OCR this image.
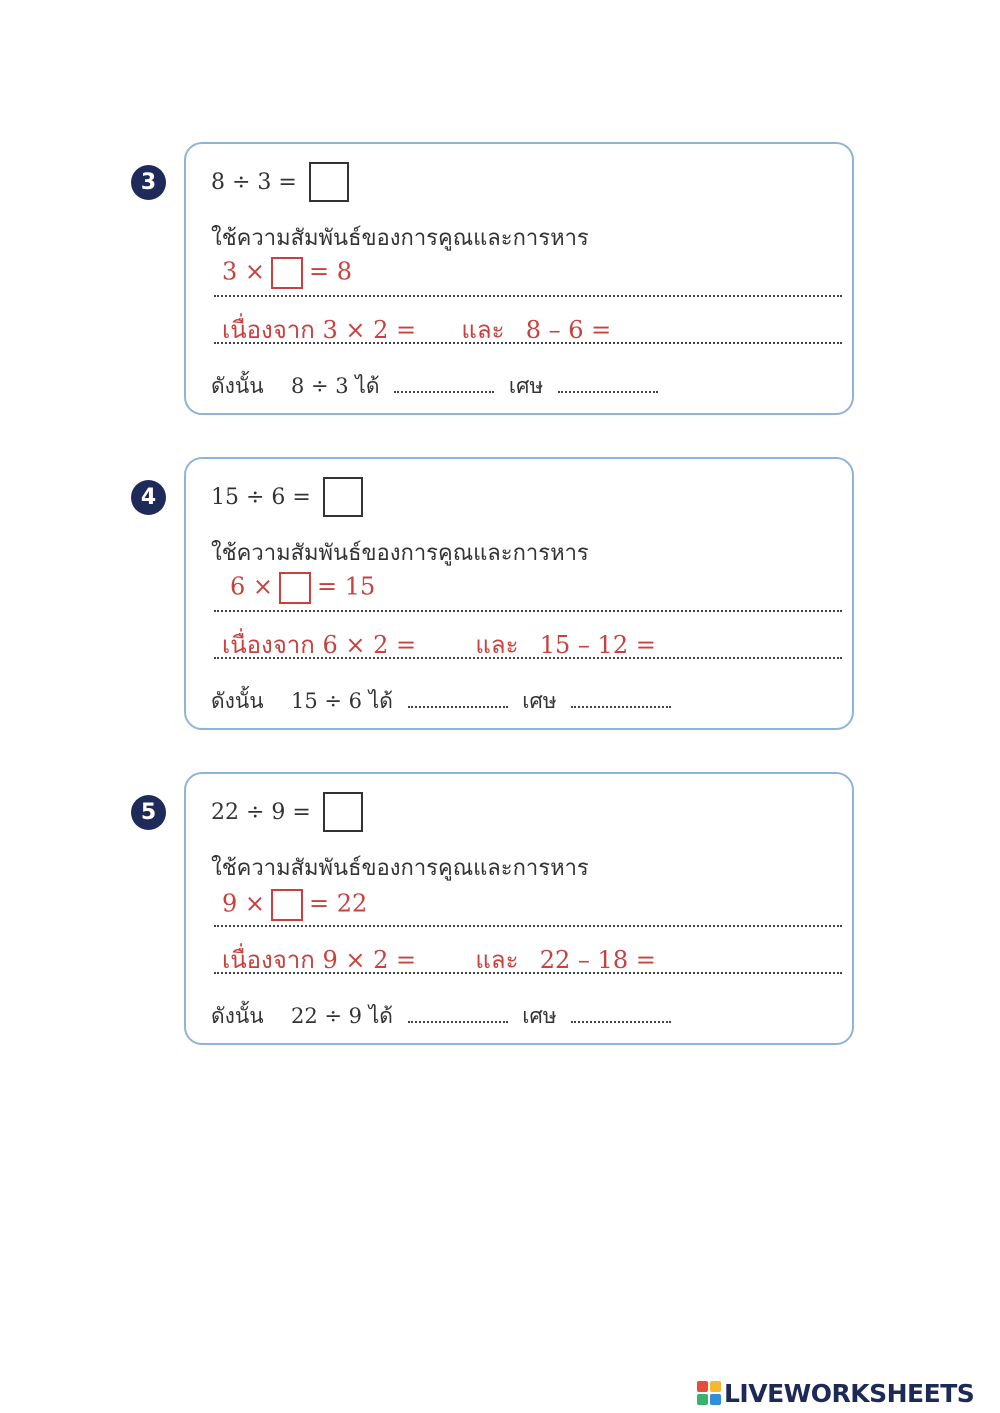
3	8 ÷ 3 =
ใช้ความสัมพันธ์ของการคูณและการหาร
3 × = 8
เนื่องจาก 3 × 2 = และ 8 – 6 =
ดังนั้น 8 ÷ 3 ได้	เศษ
4	15 ÷ 6 =
ใช้ความสัมพันธ์ของการคูณและการหาร
6 × = 15
เนื่องจาก 6 × 2 = และ 15 – 12 =
ดังนั้น 15 ÷ 6 ได้	เศษ
5	22 ÷ 9 =
ใช้ความสัมพันธ์ของการคูณและการหาร
9 × = 22
เนื่องจาก 9 × 2 = และ 22 – 18 =
ดังนั้น 22 ÷ 9 ได้	เศษ
LIVEWORKSHEETS
